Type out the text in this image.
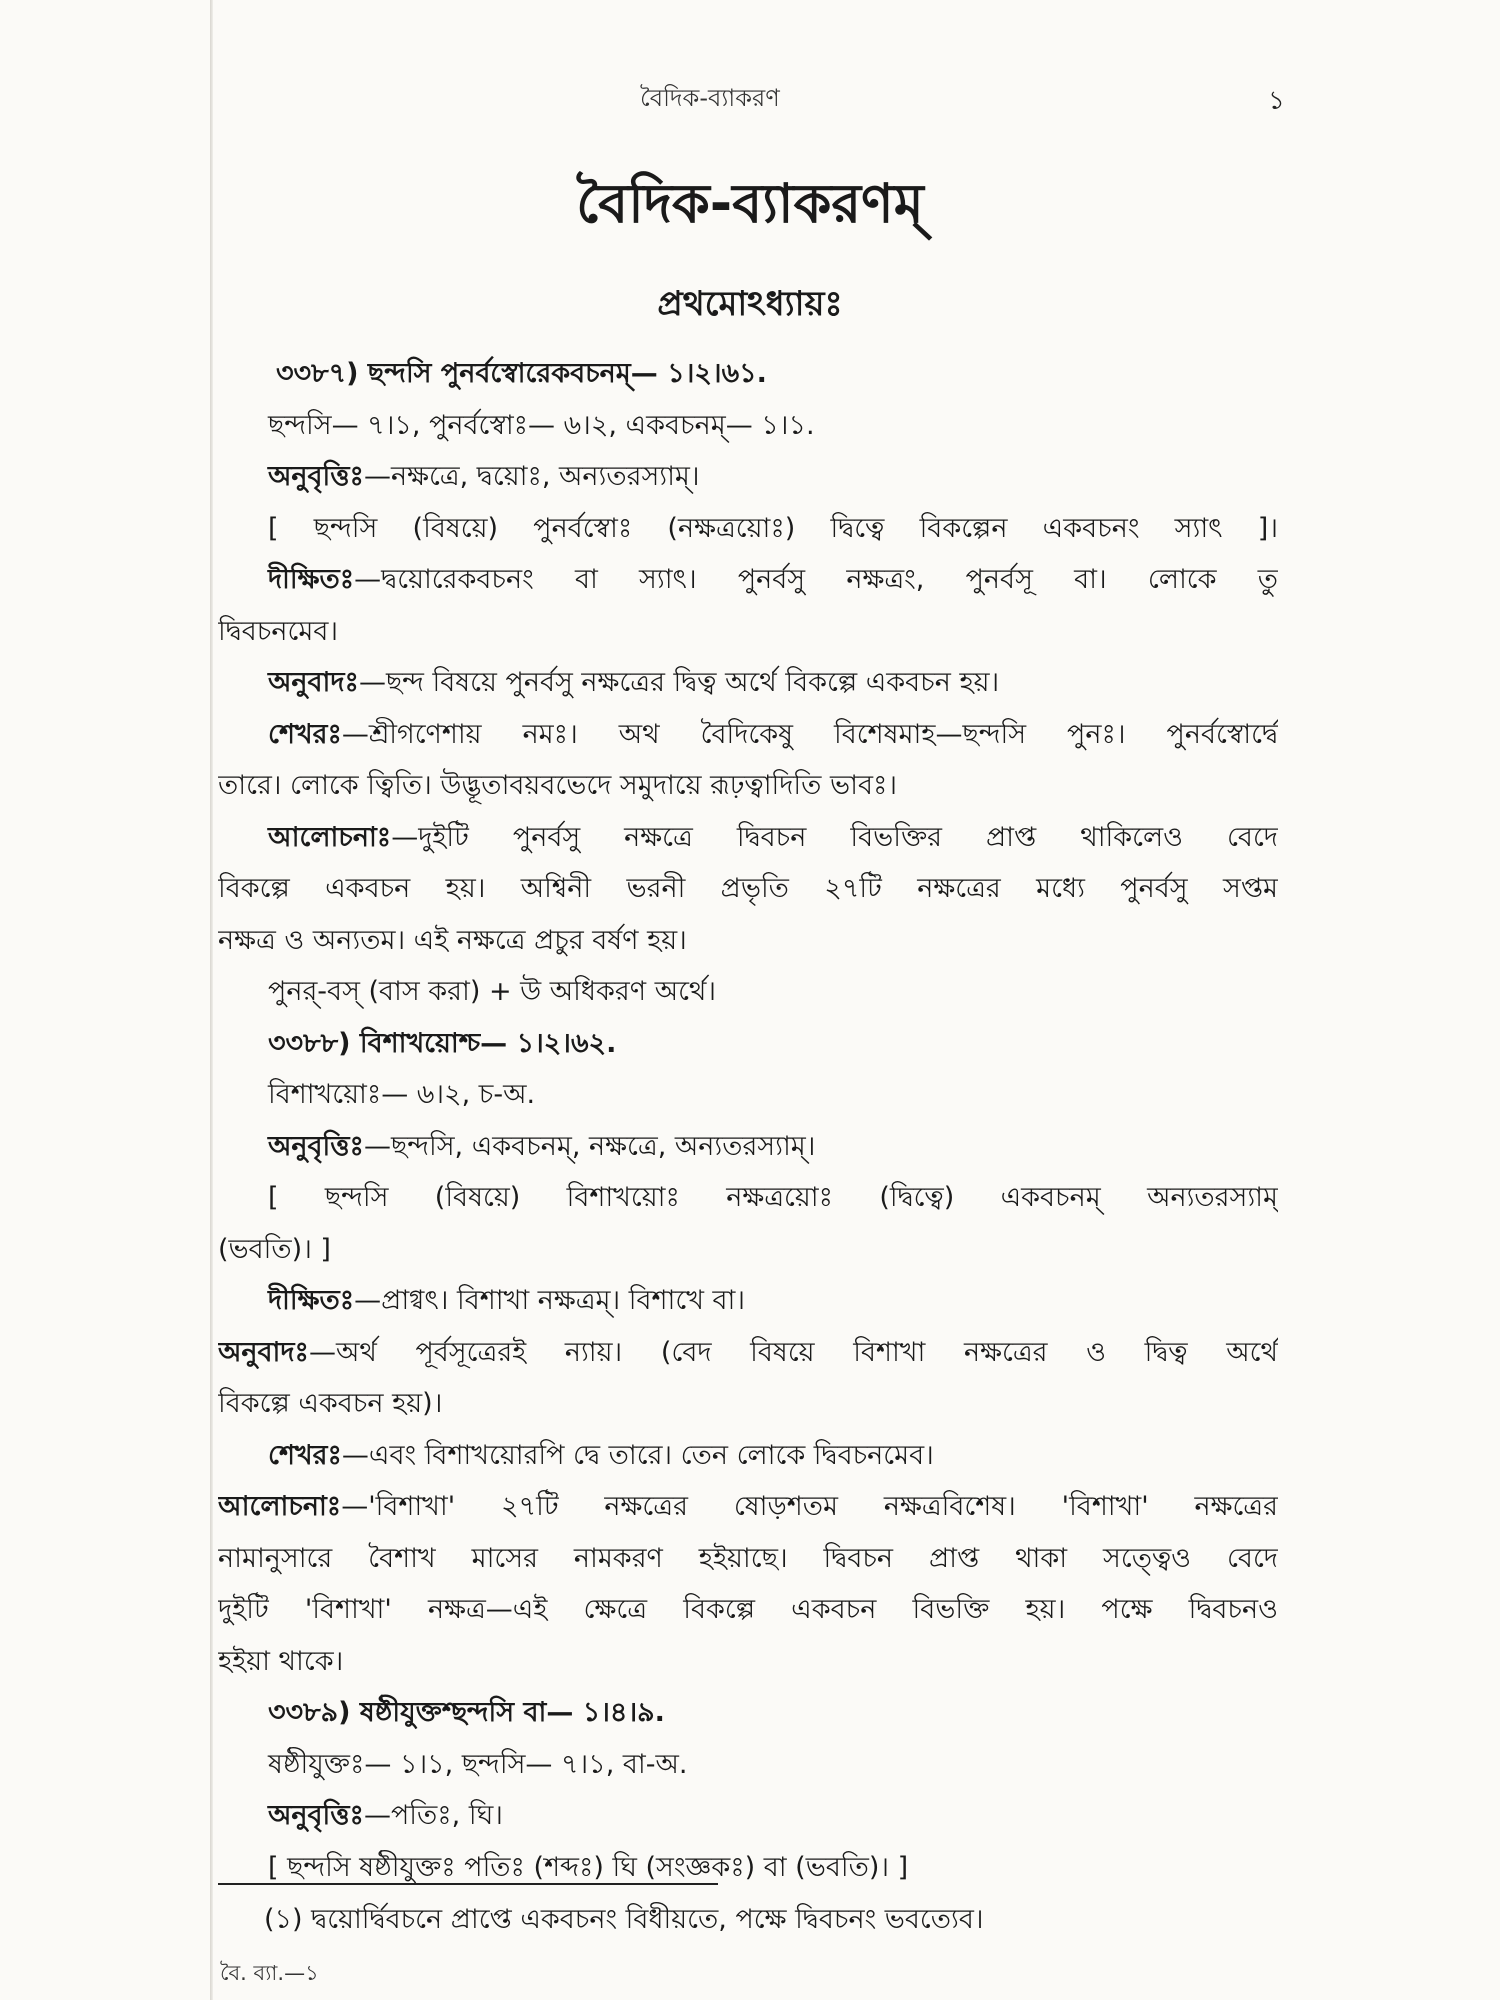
বৈদিক-ব্যাকরণ	১
বৈদিক-ব্যাকরণম্
প্রথমোঽধ্যায়ঃ
৩৩৮৭) ছন্দসি পুনর্বস্বোরেকবচনম্— ১।২।৬১.
ছন্দসি— ৭।১, পুনর্বস্বোঃ— ৬।২, একবচনম্— ১।১.
অনুবৃত্তিঃ—নক্ষত্রে, দ্বয়োঃ, অন্যতরস্যাম্।
[ ছন্দসি (বিষয়ে) পুনর্বস্বোঃ (নক্ষত্রয়োঃ) দ্বিত্বে বিকল্পেন একবচনং স্যাৎ ]।
দীক্ষিতঃ—দ্বয়োরেকবচনং বা স্যাৎ। পুনর্বসু নক্ষত্রং, পুনর্বসূ বা। লোকে তু
দ্বিবচনমেব।
অনুবাদঃ—ছন্দ বিষয়ে পুনর্বসু নক্ষত্রের দ্বিত্ব অর্থে বিকল্পে একবচন হয়।
শেখরঃ—শ্রীগণেশায় নমঃ। অথ বৈদিকেষু বিশেষমাহ—ছন্দসি পুনঃ। পুনর্বস্বোর্দ্বে
তারে। লোকে ত্বিতি। উদ্ভূতাবয়বভেদে সমুদায়ে রূঢ়ত্বাদিতি ভাবঃ।
আলোচনাঃ—দুইটি পুনর্বসু নক্ষত্রে দ্বিবচন বিভক্তির প্রাপ্ত থাকিলেও বেদে
বিকল্পে একবচন হয়। অশ্বিনী ভরনী প্রভৃতি ২৭টি নক্ষত্রের মধ্যে পুনর্বসু সপ্তম
নক্ষত্র ও অন্যতম। এই নক্ষত্রে প্রচুর বর্ষণ হয়।
পুনর্-বস্ (বাস করা) + উ অধিকরণ অর্থে।
৩৩৮৮) বিশাখয়োশ্চ— ১।২।৬২.
বিশাখয়োঃ— ৬।২, চ-অ.
অনুবৃত্তিঃ—ছন্দসি, একবচনম্, নক্ষত্রে, অন্যতরস্যাম্।
[ ছন্দসি (বিষয়ে) বিশাখয়োঃ নক্ষত্রয়োঃ (দ্বিত্বে) একবচনম্ অন্যতরস্যাম্
(ভবতি)। ]
দীক্ষিতঃ—প্রাগ্বৎ। বিশাখা নক্ষত্রম্। বিশাখে বা।
অনুবাদঃ—অর্থ পূর্বসূত্রেরই ন্যায়। (বেদ বিষয়ে বিশাখা নক্ষত্রের ও দ্বিত্ব অর্থে
বিকল্পে একবচন হয়)।
শেখরঃ—এবং বিশাখয়োরপি দ্বে তারে। তেন লোকে দ্বিবচনমেব।
আলোচনাঃ—'বিশাখা' ২৭টি নক্ষত্রের ষোড়শতম নক্ষত্রবিশেষ। 'বিশাখা' নক্ষত্রের
নামানুসারে বৈশাখ মাসের নামকরণ হইয়াছে। দ্বিবচন প্রাপ্ত থাকা সত্ত্বেও বেদে
দুইটি 'বিশাখা' নক্ষত্র—এই ক্ষেত্রে বিকল্পে একবচন বিভক্তি হয়। পক্ষে দ্বিবচনও
হইয়া থাকে।
৩৩৮৯) ষষ্ঠীযুক্তশ্ছন্দসি বা— ১।৪।৯.
ষষ্ঠীযুক্তঃ— ১।১, ছন্দসি— ৭।১, বা-অ.
অনুবৃত্তিঃ—পতিঃ, ঘি।
[ ছন্দসি ষষ্ঠীযুক্তঃ পতিঃ (শব্দঃ) ঘি (সংজ্ঞকঃ) বা (ভবতি)। ]
(১) দ্বয়োর্দ্বিবচনে প্রাপ্তে একবচনং বিধীয়তে, পক্ষে দ্বিবচনং ভবত্যেব।
বৈ. ব্যা.—১
